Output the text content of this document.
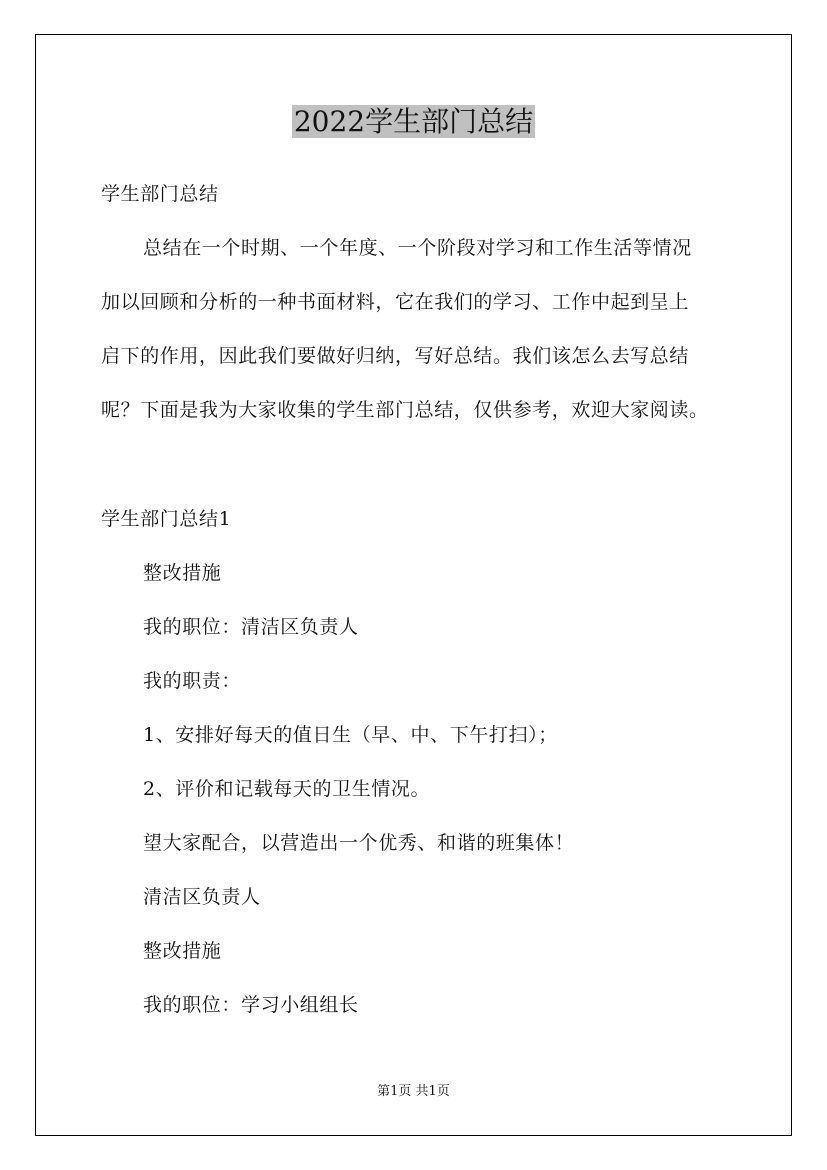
2022学生部门总结
学生部门总结
总结在一个时期、一个年度、一个阶段对学习和工作生活等情况
加以回顾和分析的一种书面材料，它在我们的学习、工作中起到呈上
启下的作用，因此我们要做好归纳，写好总结。我们该怎么去写总结
呢？下面是我为大家收集的学生部门总结，仅供参考，欢迎大家阅读。
学生部门总结1
整改措施
我的职位：清洁区负责人
我的职责：
1、安排好每天的值日生（早、中、下午打扫）；
2、评价和记载每天的卫生情况。
望大家配合，以营造出一个优秀、和谐的班集体！
清洁区负责人
整改措施
我的职位：学习小组组长
第1页 共1页
